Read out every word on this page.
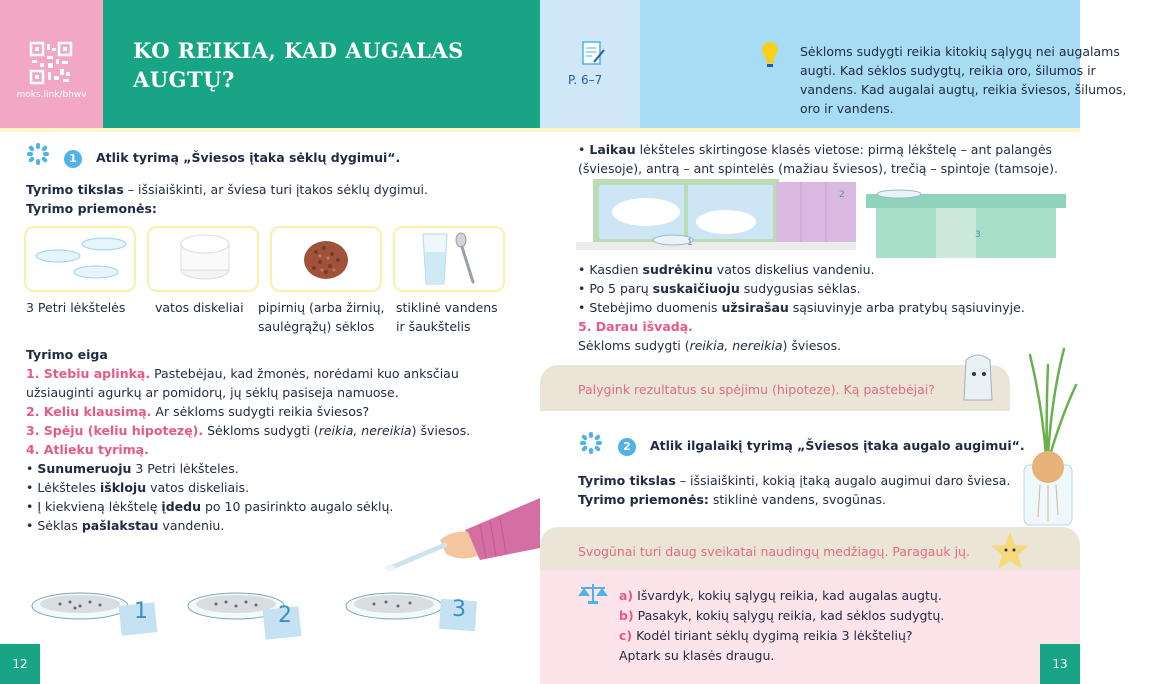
moks.link/bhwv
KO REIKIA, KAD AUGALAS
AUGTŲ?
1 Atlik tyrimą „Šviesos įtaka sėklų dygimui“.
Tyrimo tikslas – išsiaiškinti, ar šviesa turi įtakos sėklų dygimui.
Tyrimo priemonės:
3 Petri lėkštelės vatos diskeliai pipirnių (arba žirnių,
saulėgrąžų) sėklos
stiklinė vandens
ir šaukštelis
Tyrimo eiga
1. Stebiu aplinką. Pastebėjau, kad žmonės, norėdami kuo anksčiau
užsiauginti agurkų ar pomidorų, jų sėklų pasiseja namuose.
2. Keliu klausimą. Ar sėkloms sudygti reikia šviesos?
3. Spėju (keliu hipotezę). Sėkloms sudygti (reikia, nereikia) šviesos.
4. Atlieku tyrimą.
• Sunumeruoju 3 Petri lėkšteles.
• Lėkšteles iškloju vatos diskeliais.
• Į kiekvieną lėkštelę įdedu po 10 pasirinkto augalo sėklų.
• Sėklas pašlakstau vandeniu.
1	2	3
12
P. 6–7
Sėkloms sudygti reikia kitokių sąlygų nei augalams
augti. Kad sėklos sudygtų, reikia oro, šilumos ir
vandens. Kad augalai augtų, reikia šviesos, šilumos,
oro ir vandens.
• Laikau lėkšteles skirtingose klasės vietose: pirmą lėkštelę – ant palangės
(šviesoje), antrą – ant spintelės (mažiau šviesos), trečią – spintoje (tamsoje).
1
2
3
• Kasdien sudrėkinu vatos diskelius vandeniu.
• Po 5 parų suskaičiuoju sudygusias sėklas.
• Stebėjimo duomenis užsirašau sąsiuvinyje arba pratybų sąsiuvinyje.
5. Darau išvadą.
Sėkloms sudygti (reikia, nereikia) šviesos.
Palygink rezultatus su spėjimu (hipoteze). Ką pastebėjai?
2 Atlik ilgalaikį tyrimą „Šviesos įtaka augalo augimui“.
Tyrimo tikslas – išsiaiškinti, kokią įtaką augalo augimui daro šviesa.
Tyrimo priemonės: stiklinė vandens, svogūnas.
Svogūnai turi daug sveikatai naudingų medžiagų. Paragauk jų.
a) Išvardyk, kokių sąlygų reikia, kad augalas augtų.
b) Pasakyk, kokių sąlygų reikia, kad sėklos sudygtų.
c) Kodėl tiriant sėklų dygimą reikia 3 lėkštelių?
Aptark su klasės draugu.
13
